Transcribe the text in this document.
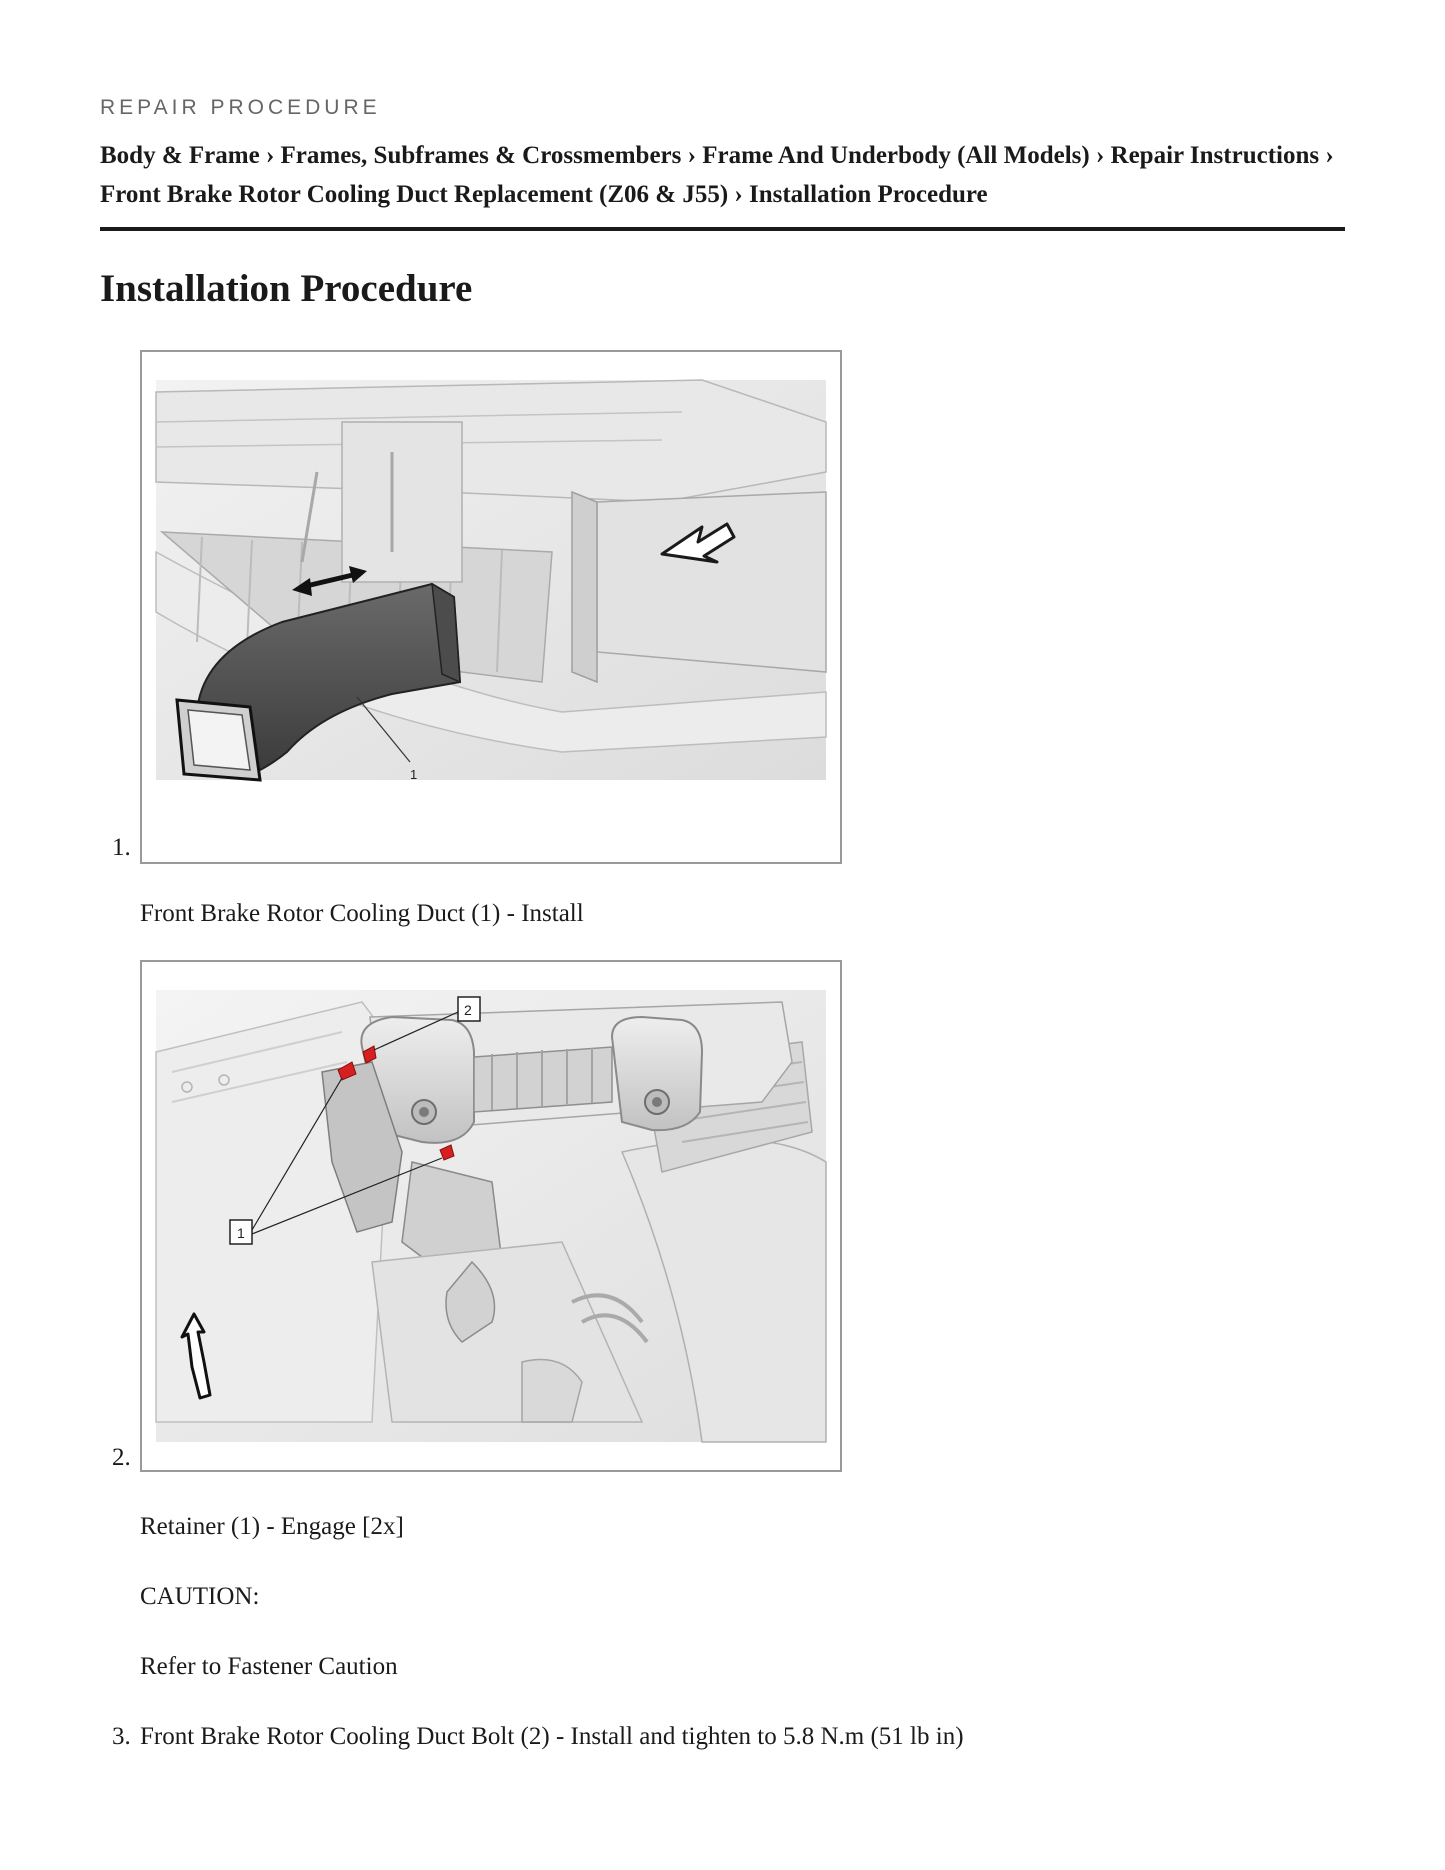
REPAIR PROCEDURE
Body & Frame › Frames, Subframes & Crossmembers › Frame And Underbody (All Models) › Repair Instructions › Front Brake Rotor Cooling Duct Replacement (Z06 & J55) › Installation Procedure
Installation Procedure
1.
1
Front Brake Rotor Cooling Duct (1) - Install
2.
2
1
Retainer (1) - Engage [2x]
CAUTION:
Refer to Fastener Caution
3. Front Brake Rotor Cooling Duct Bolt (2) - Install and tighten to 5.8 N.m (51 lb in)
